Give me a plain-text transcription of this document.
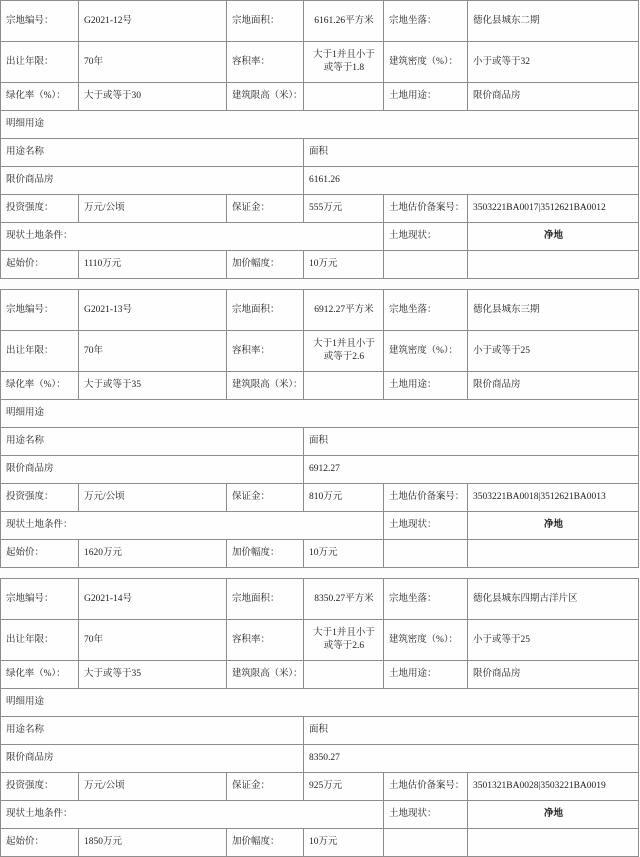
宗地编号：	G2021-12号	宗地面积：	6161.26平方米	宗地坐落：	德化县城东二期
出让年限：	70年	容积率：	大于1并且小于或等于1.8	建筑密度（%）：	小于或等于32
绿化率（%）：	大于或等于30	建筑限高（米）：		土地用途：	限价商品房
明细用途					
用途名称			面积		
限价商品房			6161.26		
投资强度：	万元/公顷	保证金：	555万元	土地估价备案号：	3503221BA0017|3512621BA0012
现状土地条件：				土地现状：	净地
起始价：	1110万元	加价幅度：	10万元		
宗地编号：	G2021-13号	宗地面积：	6912.27平方米	宗地坐落：	德化县城东三期
出让年限：	70年	容积率：	大于1并且小于或等于2.6	建筑密度（%）：	小于或等于25
绿化率（%）：	大于或等于35	建筑限高（米）：		土地用途：	限价商品房
明细用途					
用途名称			面积		
限价商品房			6912.27		
投资强度：	万元/公顷	保证金：	810万元	土地估价备案号：	3503221BA0018|3512621BA0013
现状土地条件：				土地现状：	净地
起始价：	1620万元	加价幅度：	10万元		
宗地编号：	G2021-14号	宗地面积：	8350.27平方米	宗地坐落：	德化县城东四期古洋片区
出让年限：	70年	容积率：	大于1并且小于或等于2.6	建筑密度（%）：	小于或等于25
绿化率（%）：	大于或等于35	建筑限高（米）：		土地用途：	限价商品房
明细用途					
用途名称			面积		
限价商品房			8350.27		
投资强度：	万元/公顷	保证金：	925万元	土地估价备案号：	3501321BA0028|3503221BA0019
现状土地条件：				土地现状：	净地
起始价：	1850万元	加价幅度：	10万元		
